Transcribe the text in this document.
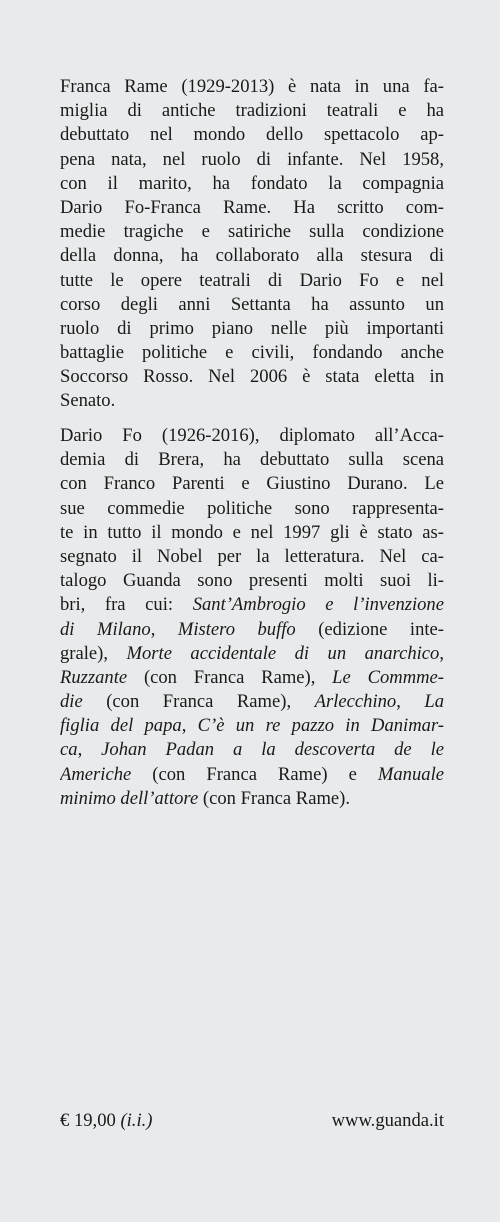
Franca Rame (1929-2013) è nata in una fa-
miglia di antiche tradizioni teatrali e ha
debuttato nel mondo dello spettacolo ap-
pena nata, nel ruolo di infante. Nel 1958,
con il marito, ha fondato la compagnia
Dario Fo-Franca Rame. Ha scritto com-
medie tragiche e satiriche sulla condizione
della donna, ha collaborato alla stesura di
tutte le opere teatrali di Dario Fo e nel
corso degli anni Settanta ha assunto un
ruolo di primo piano nelle più importanti
battaglie politiche e civili, fondando anche
Soccorso Rosso. Nel 2006 è stata eletta in
Senato.
Dario Fo (1926-2016), diplomato all’Acca-
demia di Brera, ha debuttato sulla scena
con Franco Parenti e Giustino Durano. Le
sue commedie politiche sono rappresenta-
te in tutto il mondo e nel 1997 gli è stato as-
segnato il Nobel per la letteratura. Nel ca-
talogo Guanda sono presenti molti suoi li-
bri, fra cui: Sant’Ambrogio e l’invenzione
di Milano, Mistero buffo (edizione inte-
grale), Morte accidentale di un anarchico,
Ruzzante (con Franca Rame), Le Commme-
die (con Franca Rame), Arlecchino, La
figlia del papa, C’è un re pazzo in Danimar-
ca, Johan Padan a la descoverta de le
Americhe (con Franca Rame) e Manuale
minimo dell’attore (con Franca Rame).
€ 19,00 (i.i.)	www.guanda.it
